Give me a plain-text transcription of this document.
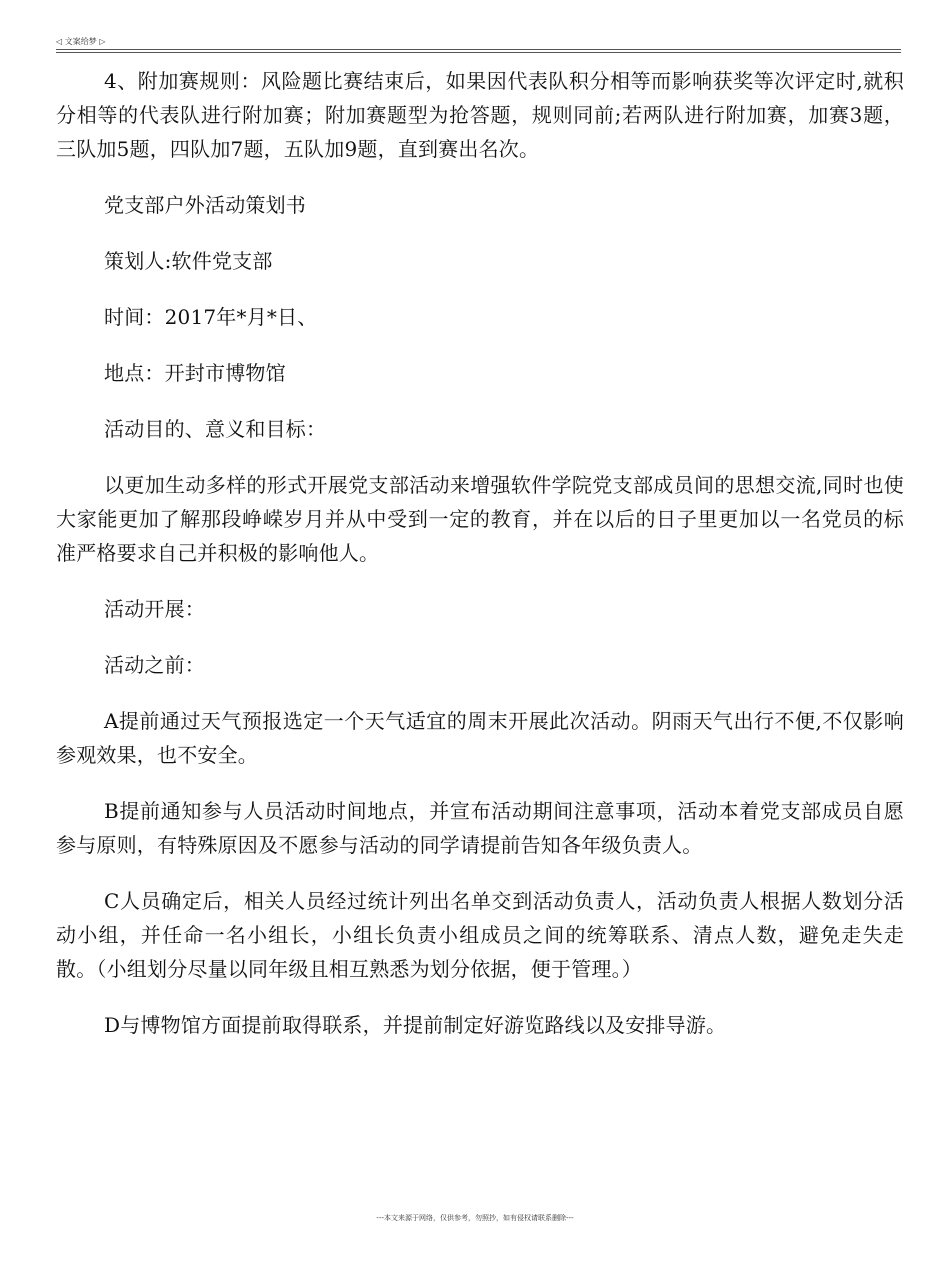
◁ 文案给梦 ▷

4、附加赛规则：风险题比赛结束后，如果因代表队积分相等而影响获奖等次评定时,就积分相等的代表队进行附加赛；附加赛题型为抢答题，规则同前;若两队进行附加赛，加赛3题，三队加5题，四队加7题，五队加9题，直到赛出名次。

党支部户外活动策划书

策划人:软件党支部

时间：2017年*月*日、

地点：开封市博物馆

活动目的、意义和目标：

以更加生动多样的形式开展党支部活动来增强软件学院党支部成员间的思想交流,同时也使大家能更加了解那段峥嵘岁月并从中受到一定的教育，并在以后的日子里更加以一名党员的标准严格要求自己并积极的影响他人。

活动开展：

活动之前：

A提前通过天气预报选定一个天气适宜的周末开展此次活动。阴雨天气出行不便,不仅影响参观效果，也不安全。

B提前通知参与人员活动时间地点，并宣布活动期间注意事项，活动本着党支部成员自愿参与原则，有特殊原因及不愿参与活动的同学请提前告知各年级负责人。

C人员确定后，相关人员经过统计列出名单交到活动负责人，活动负责人根据人数划分活动小组，并任命一名小组长，小组长负责小组成员之间的统筹联系、清点人数，避免走失走散。（小组划分尽量以同年级且相互熟悉为划分依据，便于管理。）

D与博物馆方面提前取得联系，并提前制定好游览路线以及安排导游。

---本文来源于网络，仅供参考，勿照抄，如有侵权请联系删除---
